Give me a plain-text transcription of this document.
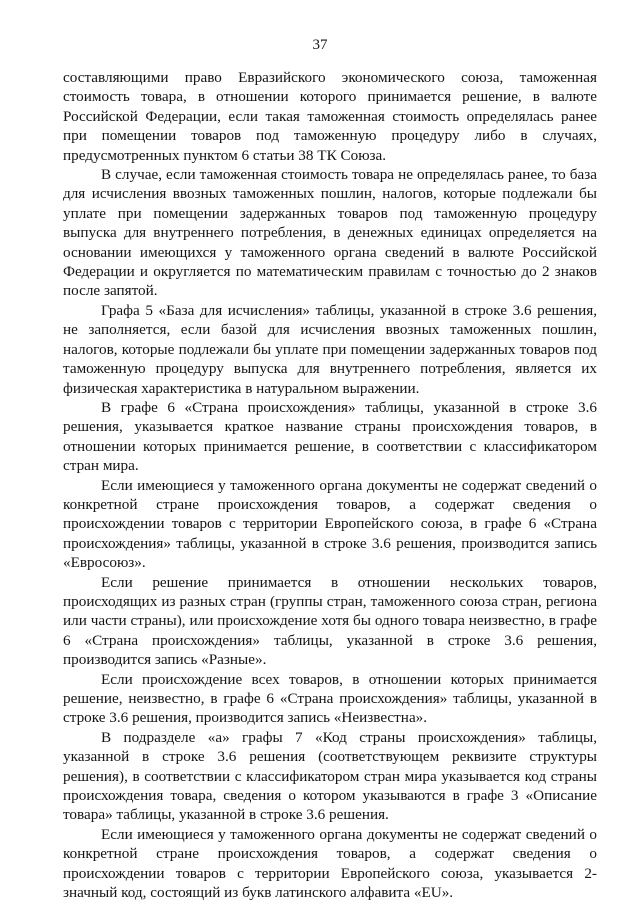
37

составляющими право Евразийского экономического союза, таможенная стоимость товара, в отношении которого принимается решение, в валюте Российской Федерации, если такая таможенная стоимость определялась ранее при помещении товаров под таможенную процедуру либо в случаях, предусмотренных пунктом 6 статьи 38 ТК Союза.

В случае, если таможенная стоимость товара не определялась ранее, то база для исчисления ввозных таможенных пошлин, налогов, которые подлежали бы уплате при помещении задержанных товаров под таможенную процедуру выпуска для внутреннего потребления, в денежных единицах определяется на основании имеющихся у таможенного органа сведений в валюте Российской Федерации и округляется по математическим правилам с точностью до 2 знаков после запятой.

Графа 5 «База для исчисления» таблицы, указанной в строке 3.6 решения, не заполняется, если базой для исчисления ввозных таможенных пошлин, налогов, которые подлежали бы уплате при помещении задержанных товаров под таможенную процедуру выпуска для внутреннего потребления, является их физическая характеристика в натуральном выражении.

В графе 6 «Страна происхождения» таблицы, указанной в строке 3.6 решения, указывается краткое название страны происхождения товаров, в отношении которых принимается решение, в соответствии с классификатором стран мира.

Если имеющиеся у таможенного органа документы не содержат сведений о конкретной стране происхождения товаров, а содержат сведения о происхождении товаров с территории Европейского союза, в графе 6 «Страна происхождения» таблицы, указанной в строке 3.6 решения, производится запись «Евросоюз».

Если решение принимается в отношении нескольких товаров, происходящих из разных стран (группы стран, таможенного союза стран, региона или части страны), или происхождение хотя бы одного товара неизвестно, в графе 6 «Страна происхождения» таблицы, указанной в строке 3.6 решения, производится запись «Разные».

Если происхождение всех товаров, в отношении которых принимается решение, неизвестно, в графе 6 «Страна происхождения» таблицы, указанной в строке 3.6 решения, производится запись «Неизвестна».

В подразделе «а» графы 7 «Код страны происхождения» таблицы, указанной в строке 3.6 решения (соответствующем реквизите структуры решения), в соответствии с классификатором стран мира указывается код страны происхождения товара, сведения о котором указываются в графе 3 «Описание товара» таблицы, указанной в строке 3.6 решения.

Если имеющиеся у таможенного органа документы не содержат сведений о конкретной стране происхождения товаров, а содержат сведения о происхождении товаров с территории Европейского союза, указывается 2-значный код, состоящий из букв латинского алфавита «EU».
